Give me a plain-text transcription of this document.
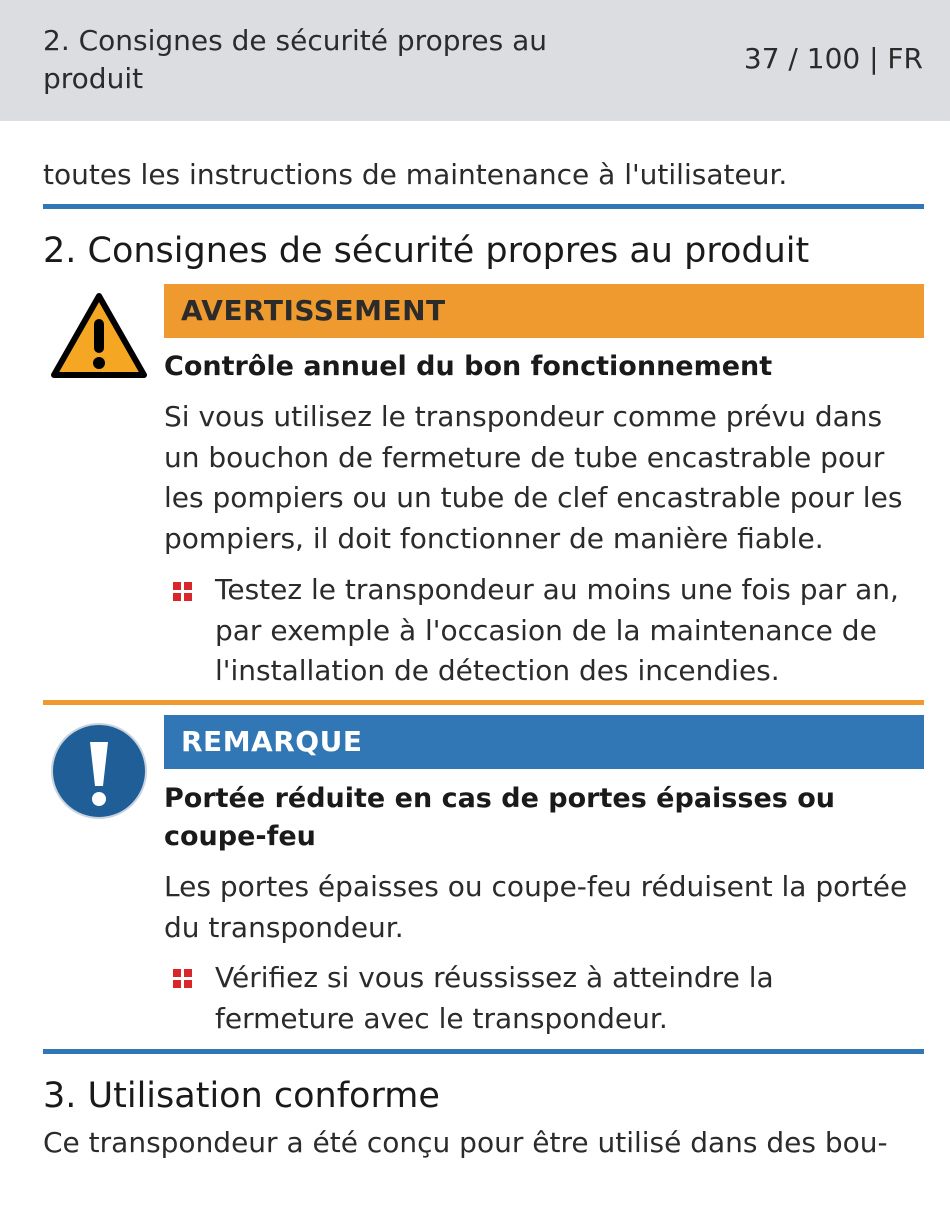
2. Consignes de sécurité propres au produit
37 / 100 | FR

toutes les instructions de maintenance à l'utilisateur.

2. Consignes de sécurité propres au produit
AVERTISSEMENT

Contrôle annuel du bon fonctionnement

Si vous utilisez le transpondeur comme prévu dans un bouchon de fermeture de tube encastrable pour les pompiers ou un tube de clef encastrable pour les pompiers, il doit fonctionner de manière fiable.

Testez le transpondeur au moins une fois par an, par exemple à l'occasion de la maintenance de l'installation de détection des incendies.

REMARQUE

Portée réduite en cas de portes épaisses ou coupe-feu

Les portes épaisses ou coupe-feu réduisent la portée du transpondeur.

Vérifiez si vous réussissez à atteindre la fermeture avec le transpondeur.

3. Utilisation conforme

Ce transpondeur a été conçu pour être utilisé dans des bou-
